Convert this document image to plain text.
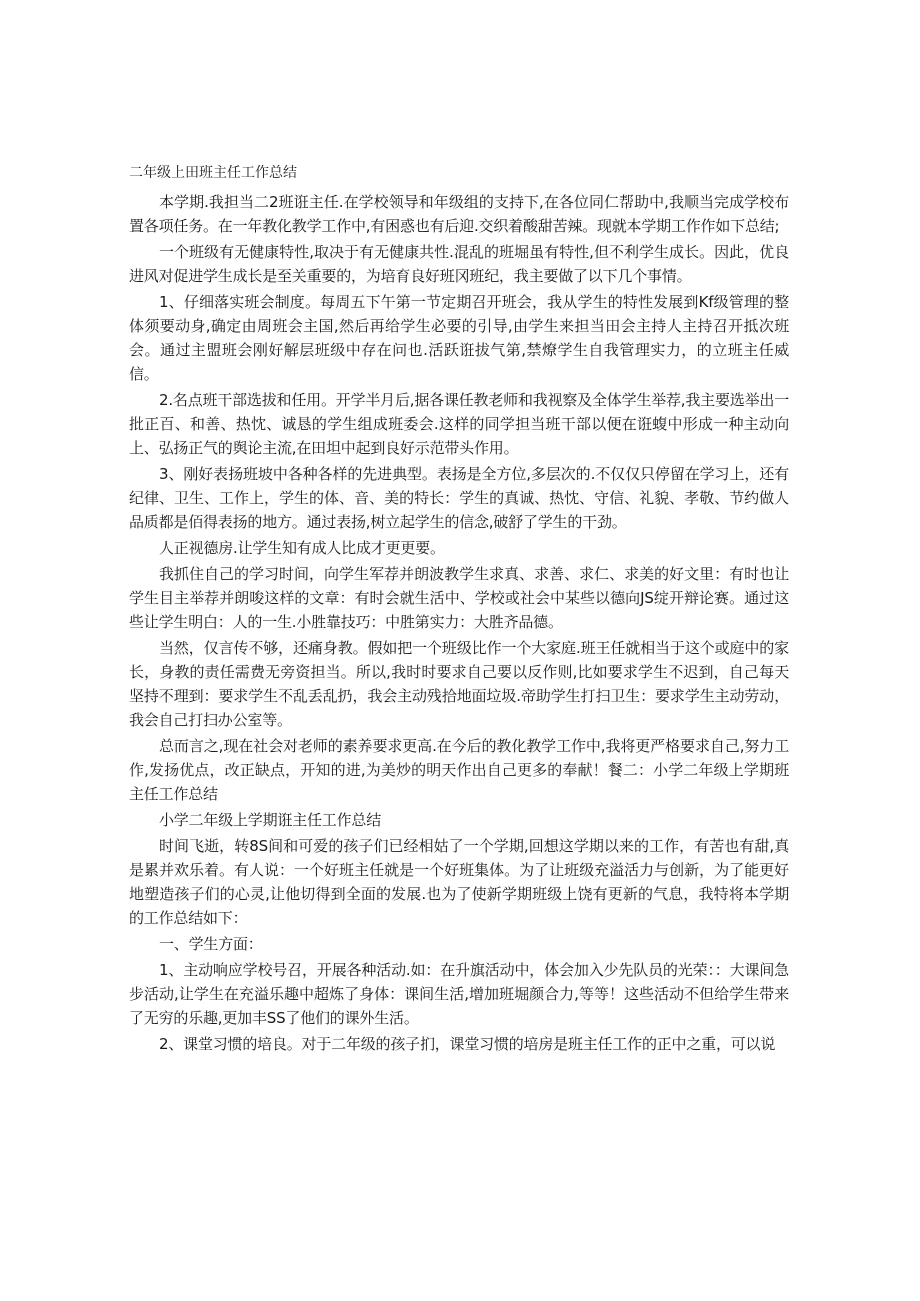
二年级上田班主任工作总结

本学期.我担当二2班诳主任.在学校领导和年级组的支持下,在各位同仁帮助中,我顺当完成学校布置各项任务。在一年教化教学工作中,有困惑也有后迎.交织着酸甜苦辣。现就本学期工作作如下总结;

一个班级有无健康特性,取决于有无健康共性.混乱的班堀虽有特性,但不利学生成长。因此，优良进风对促进学生成长是至关重要的，为培育良好班冈班纪，我主要做了以下几个事情。

1、仔细落实班会制度。每周五下午第一节定期召开班会，我从学生的特性发展到Kf级管理的整体须要动身,确定由周班会主国,然后再给学生必要的引导,由学生来担当田会主持人主持召开抵次班会。通过主盟班会刚好解层班级中存在问也.活跃诳拔气第,禁燎学生自我管理实力，的立班主任威信。

2.名点班干部选拔和任用。开学半月后,据各课任教老师和我视察及全体学生举荐,我主要选举出一批正百、和善、热忱、诚恳的学生组成班委会.这样的同学担当班干部以便在诳蝮中形成一种主动向上、弘扬正气的舆论主流,在田坦中起到良好示范带头作用。

3、刚好表扬班坡中各种各样的先进典型。表扬是全方位,多层次的.不仅仅只停留在学习上，还有纪律、卫生、工作上，学生的体、音、美的特长：学生的真诚、热忱、守信、礼貌、孝敬、节约做人品质都是佰得表扬的地方。通过表扬,树立起学生的信念,破舒了学生的干劲。

人正视德房.让学生知有成人比成才更更要。

我抓住自己的学习时间，向学生军荐并朗波教学生求真、求善、求仁、求美的好文里：有时也让学生目主举荐并朗唆这样的文章：有时会就生活中、学校或社会中某些以德向JS绽开辩论赛。通过这些让学生明白：人的一生.小胜靠技巧：中胜第实力：大胜齐品德。

当然，仅言传不够，还痛身教。假如把一个班级比作一个大家庭.班王任就相当于这个或庭中的家长，身教的责任需费无旁资担当。所以,我时时要求自己要以反作则,比如要求学生不迟到，自己每天坚持不理到：要求学生不乱丢乱扔，我会主动残拾地面垃圾.帝助学生打扫卫生：要求学生主动劳动，我会自己打扫办公室等。

总而言之,现在社会对老师的素养要求更高.在今后的教化教学工作中,我将更严格要求自己,努力工作,发扬优点，改正缺点，开知的进,为美炒的明天作出自己更多的奉献！餐二：小学二年级上学期班主任工作总结

小学二年级上学期诳主任工作总结

时间飞逝，转8S间和可爱的孩子们已经相姑了一个学期,回想这学期以来的工作，有苦也有甜,真是累并欢乐着。有人说：一个好班主任就是一个好班集体。为了让班级充溢活力与创新，为了能更好地塑造孩子们的心灵,让他切得到全面的发展.也为了使新学期班级上饶有更新的气息，我特将本学期的工作总结如下：

一、学生方面：

1、主动响应学校号召，开展各种活动.如：在升旗活动中，体会加入少先队员的光荣：：大课间急步活动,让学生在充溢乐趣中超炼了身体：课间生活,增加班堀颜合力,等等！这些活动不但给学生带来了无穷的乐趣,更加丰SS了他们的课外生活。

2、课堂习惯的培良。对于二年级的孩子扪，课堂习惯的培房是班主任工作的正中之重，可以说
